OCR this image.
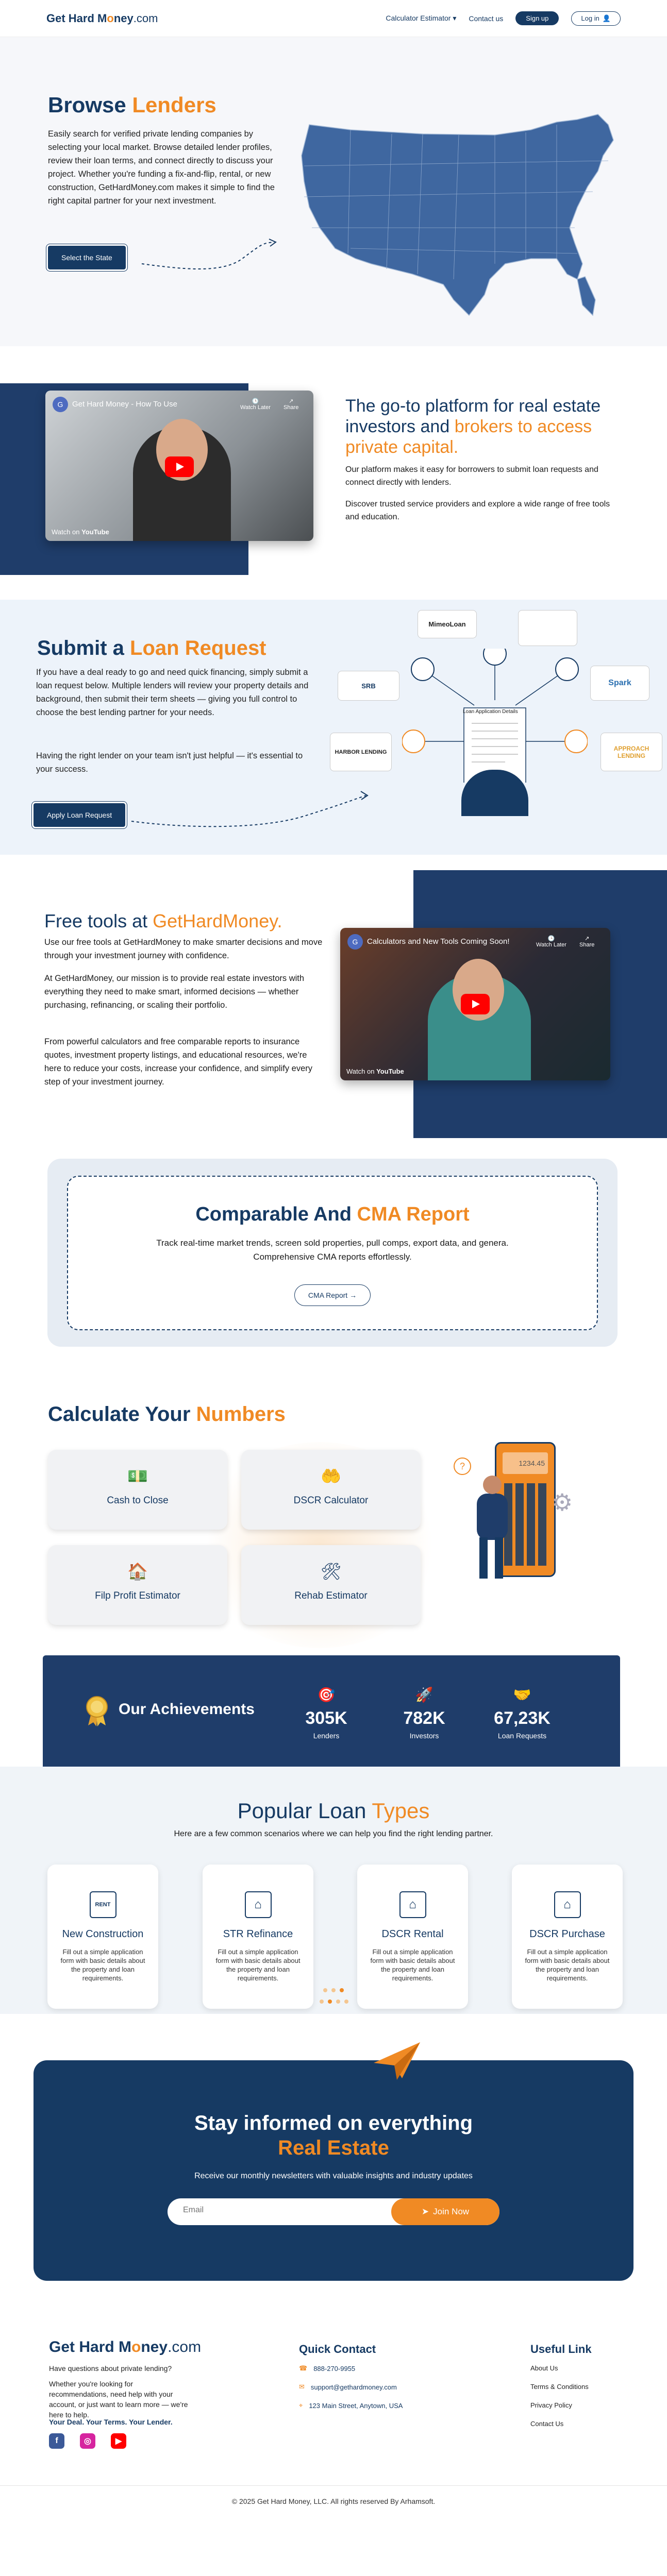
Get Hard Money.com	Calculator Estimator ▾ Contact us	Sign up	Log in 👤
Browse Lenders

Easily search for verified private lending companies by selecting your local market. Browse detailed lender profiles, review their loan terms, and connect directly to discuss your project. Whether you're funding a fix-and-flip, rental, or new construction, GetHardMoney.com makes it simple to find the right capital partner for your next investment.

Select the State
G	Get Hard Money - How To Use	🕒
Watch Later
↗
Share
Watch on YouTube
The go-to platform for real estate investors and brokers to access private capital.

Our platform makes it easy for borrowers to submit loan requests and connect directly with lenders.

Discover trusted service providers and explore a wide range of free tools and education.

Submit a Loan Request

If you have a deal ready to go and need quick financing, simply submit a loan request below. Multiple lenders will review your property details and background, then submit their term sheets — giving you full control to choose the best lending partner for your needs.

Having the right lender on your team isn't just helpful — it's essential to your success.

Apply Loan Request
MimeoLoan
SRB	Spark
HARBOR LENDING	APPROACH LENDING
Loan Application Details
Free tools at GetHardMoney.

Use our free tools at GetHardMoney to make smarter decisions and move through your investment journey with confidence.

At GetHardMoney, our mission is to provide real estate investors with everything they need to make smart, informed decisions — whether purchasing, refinancing, or scaling their portfolio.

From powerful calculators and free comparable reports to insurance quotes, investment property listings, and educational resources, we're here to reduce your costs, increase your confidence, and simplify every step of your investment journey.

G	Calculators and New Tools Coming Soon!	🕒
Watch Later
↗
Share
Watch on YouTube
Comparable And CMA Report

Track real-time market trends, screen sold properties, pull comps, export data, and genera. Comprehensive CMA reports effortlessly.

CMA Report →
Calculate Your Numbers
💵
Cash to Close
🤲
DSCR Calculator
🏠
Filp Profit Estimator
🛠
Rehab Estimator
1234.45
?
⚙
Our Achievements
🎯
305K
Lenders
🚀
782K
Investors
🤝
67,23K
Loan Requests
Popular Loan Types

Here are a few common scenarios where we can help you find the right lending partner.

RENT
New Construction
Fill out a simple application form with basic details about the property and loan requirements.
⌂
STR Refinance
Fill out a simple application form with basic details about the property and loan requirements.
⌂
DSCR Rental
Fill out a simple application form with basic details about the property and loan requirements.
⌂
DSCR Purchase
Fill out a simple application form with basic details about the property and loan requirements.
Stay informed on everything
Real Estate

Receive our monthly newsletters with valuable insights and industry updates

Email
➤ Join Now
Get Hard Money.com

Have questions about private lending?

Whether you're looking for recommendations, need help with your account, or just want to learn more — we're here to help.

Your Deal. Your Terms. Your Lender.

f	◎	▶
Quick Contact
☎ 888-270-9955
✉ support@gethardmoney.com
⌖ 123 Main Street, Anytown, USA
Useful Link
About Us
Terms & Conditions
Privacy Policy
Contact Us

© 2025 Get Hard Money, LLC. All rights reserved By Arhamsoft.
